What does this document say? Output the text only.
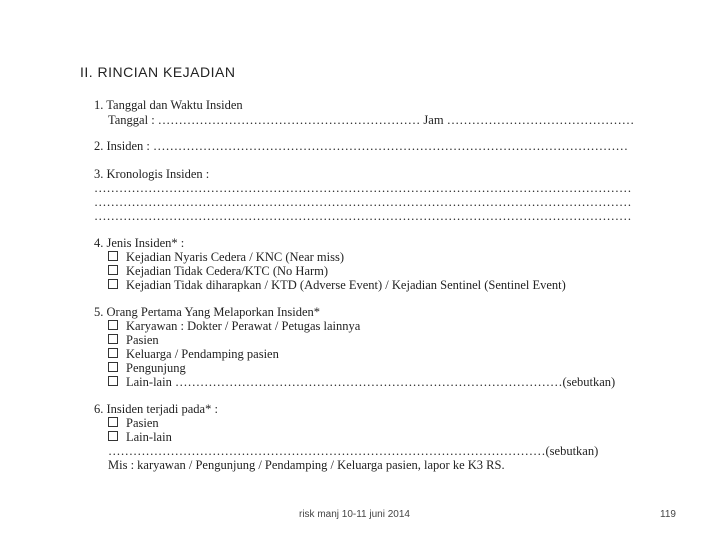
II. RINCIAN KEJADIAN
1. Tanggal dan Waktu Insiden
Tanggal : ……………………………………………………… Jam ………………………………………
2. Insiden : ……………………………………………………………………………………………………
3. Kronologis Insiden :
…………………………………………………………………………………………………………………
…………………………………………………………………………………………………………………
…………………………………………………………………………………………………………………
4. Jenis Insiden* :
Kejadian Nyaris Cedera / KNC (Near miss)
Kejadian Tidak Cedera/KTC (No Harm)
Kejadian Tidak diharapkan / KTD (Adverse Event) / Kejadian Sentinel (Sentinel Event)
5. Orang Pertama Yang Melaporkan Insiden*
Karyawan : Dokter / Perawat / Petugas lainnya
Pasien
Keluarga / Pendamping pasien
Pengunjung
Lain-lain …………………………………………………………………………………(sebutkan)
6. Insiden terjadi pada* :
Pasien
Lain-lain
……………………………………………………………………………………………(sebutkan)
Mis : karyawan / Pengunjung / Pendamping / Keluarga pasien, lapor ke K3 RS.
risk manj 10-11 juni 2014	119
